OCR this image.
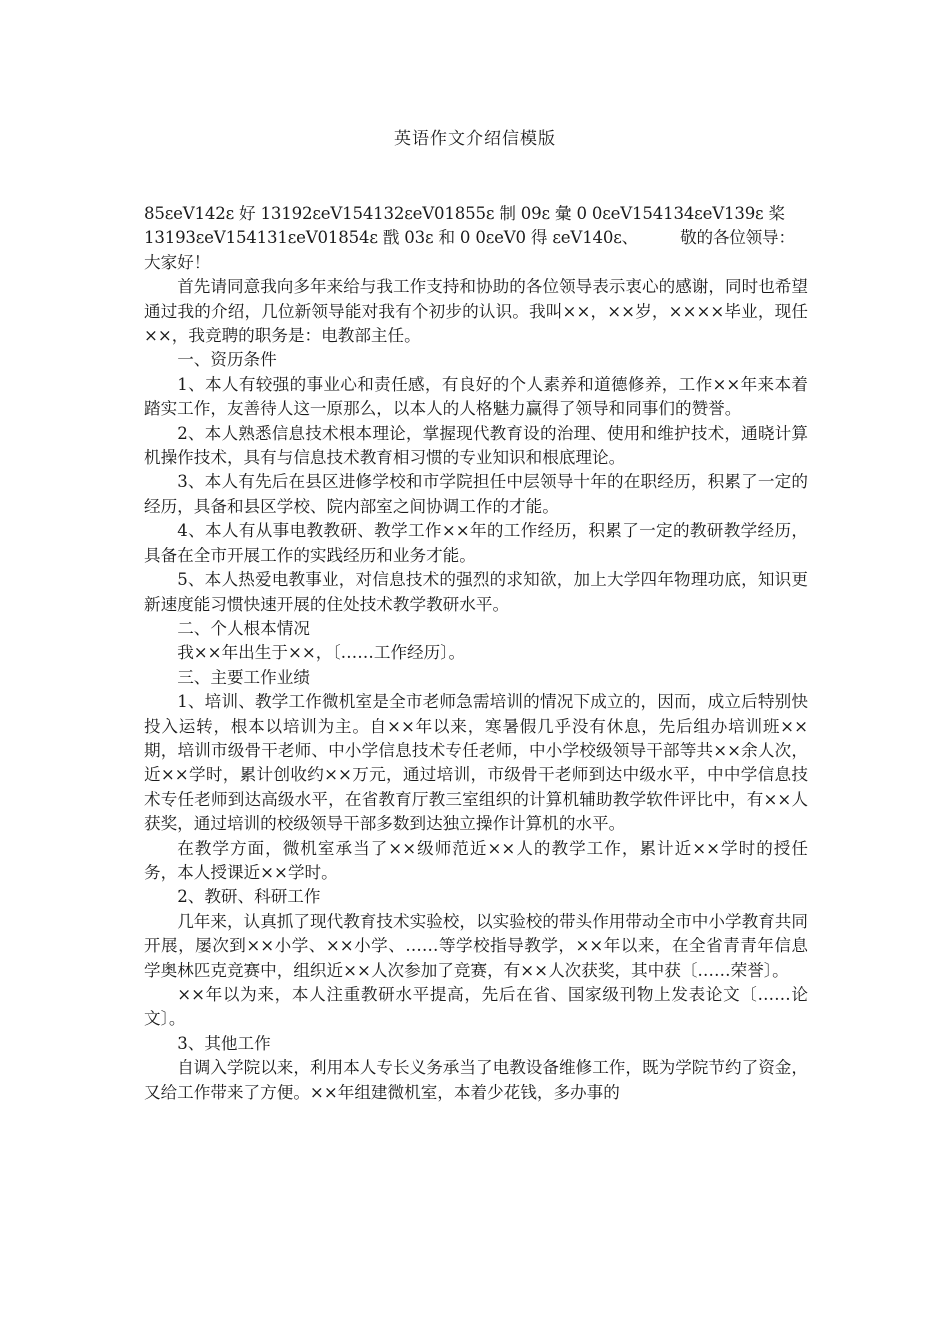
英语作文介绍信模版
85εeV142ε 好 13192εeV154132εeV01855ε 制 09ε 彙 0 0εeV154134εeV139ε 桨
13193εeV154131εeV01854ε 戬 03ε 和 0 0εeV0 得 εeV140ε、	敬的各位领导：

大家好！

首先请同意我向多年来给与我工作支持和协助的各位领导表示衷心的感谢，同时也希望通过我的介绍，几位新领导能对我有个初步的认识。我叫××，××岁，××××毕业，现任××，我竞聘的职务是：电教部主任。

一、资历条件

1、本人有较强的事业心和责任感，有良好的个人素养和道德修养，工作××年来本着踏实工作，友善待人这一原那么，以本人的人格魅力赢得了领导和同事们的赞誉。

2、本人熟悉信息技术根本理论，掌握现代教育设的治理、使用和维护技术，通晓计算机操作技术，具有与信息技术教育相习惯的专业知识和根底理论。

3、本人有先后在县区进修学校和市学院担任中层领导十年的在职经历，积累了一定的经历，具备和县区学校、院内部室之间协调工作的才能。

4、本人有从事电教教研、教学工作××年的工作经历，积累了一定的教研教学经历，具备在全市开展工作的实践经历和业务才能。

5、本人热爱电教事业，对信息技术的强烈的求知欲，加上大学四年物理功底，知识更新速度能习惯快速开展的住处技术教学教研水平。

二、个人根本情况

我××年出生于××，〔……工作经历〕。

三、主要工作业绩

1、培训、教学工作微机室是全市老师急需培训的情况下成立的，因而，成立后特别快投入运转，根本以培训为主。自××年以来，寒暑假几乎没有休息，先后组办培训班××期，培训市级骨干老师、中小学信息技术专任老师，中小学校级领导干部等共××余人次，近××学时，累计创收约××万元，通过培训，市级骨干老师到达中级水平，中中学信息技术专任老师到达高级水平，在省教育厅教三室组织的计算机辅助教学软件评比中，有××人获奖，通过培训的校级领导干部多数到达独立操作计算机的水平。

在教学方面，微机室承当了××级师范近××人的教学工作，累计近××学时的授任务，本人授课近××学时。

2、教研、科研工作

几年来，认真抓了现代教育技术实验校，以实验校的带头作用带动全市中小学教育共同开展，屡次到××小学、××小学、……等学校指导教学，××年以来，在全省青青年信息学奥林匹克竞赛中，组织近××人次参加了竞赛，有××人次获奖，其中获〔……荣誉〕。

××年以为来，本人注重教研水平提高，先后在省、国家级刊物上发表论文〔……论文〕。

3、其他工作

自调入学院以来，利用本人专长义务承当了电教设备维修工作，既为学院节约了资金，又给工作带来了方便。××年组建微机室，本着少花钱，多办事的
